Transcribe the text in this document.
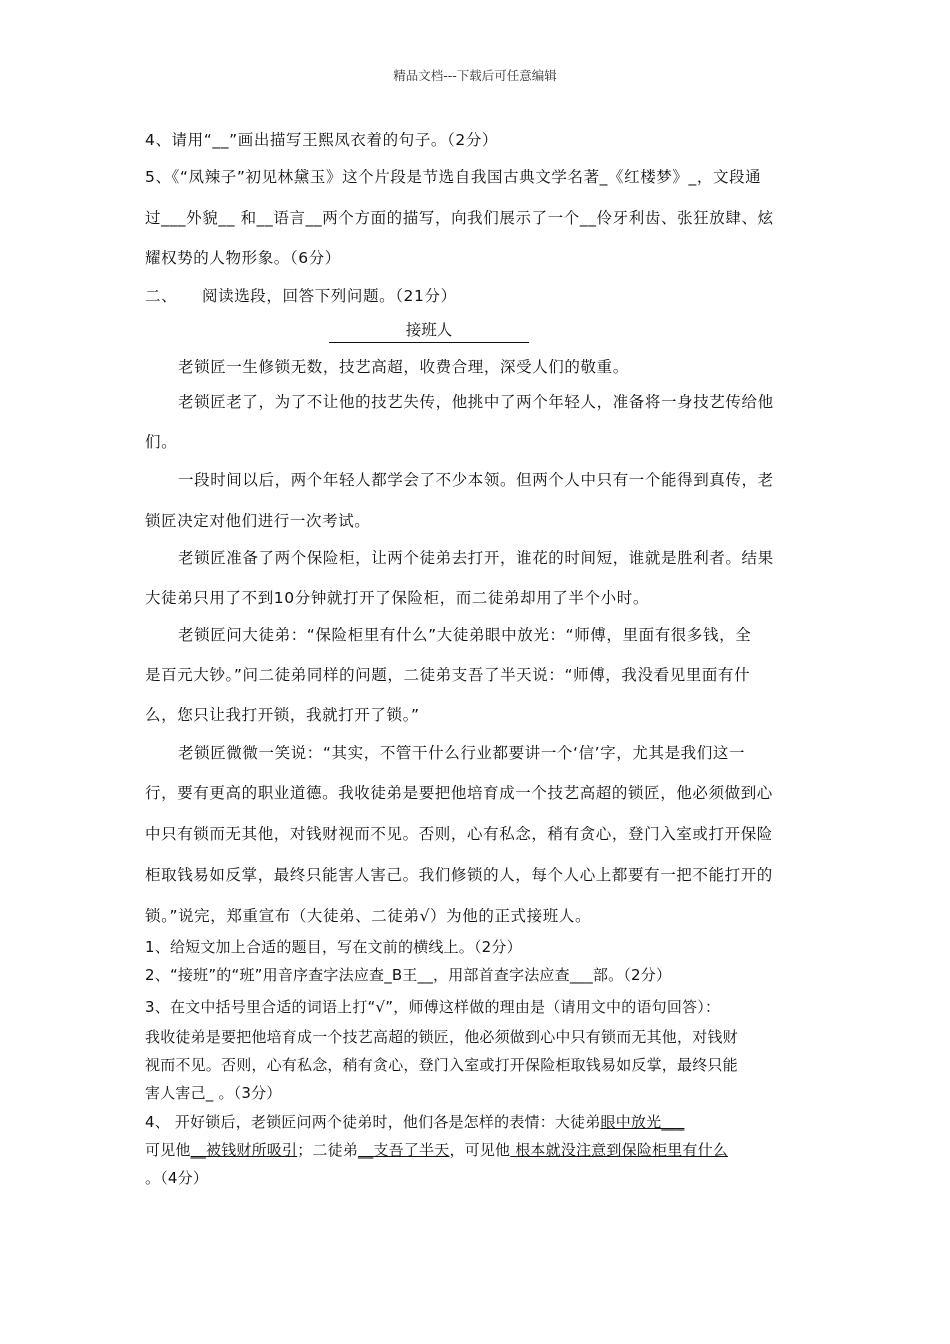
精品文档---下载后可任意编辑
4、请用“__”画出描写王熙凤衣着的句子。（2分）
5、《“凤辣子”初见林黛玉》这个片段是节选自我国古典文学名著_《红楼梦》_，文段通
过___外貌__ 和__语言__两个方面的描写，向我们展示了一个__伶牙利齿、张狂放肆、炫
耀权势的人物形象。（6分）
二、 阅读选段，回答下列问题。（21分）
接班人
老锁匠一生修锁无数，技艺高超，收费合理，深受人们的敬重。
老锁匠老了，为了不让他的技艺失传，他挑中了两个年轻人，准备将一身技艺传给他
们。
一段时间以后，两个年轻人都学会了不少本领。但两个人中只有一个能得到真传，老
锁匠决定对他们进行一次考试。
老锁匠准备了两个保险柜，让两个徒弟去打开，谁花的时间短，谁就是胜利者。结果
大徒弟只用了不到10分钟就打开了保险柜，而二徒弟却用了半个小时。
老锁匠问大徒弟：“保险柜里有什么”大徒弟眼中放光：“师傅，里面有很多钱，全
是百元大钞。”问二徒弟同样的问题，二徒弟支吾了半天说：“师傅，我没看见里面有什
么，您只让我打开锁，我就打开了锁。”
老锁匠微微一笑说：“其实，不管干什么行业都要讲一个‘信’字，尤其是我们这一
行，要有更高的职业道德。我收徒弟是要把他培育成一个技艺高超的锁匠，他必须做到心
中只有锁而无其他，对钱财视而不见。否则，心有私念，稍有贪心，登门入室或打开保险
柜取钱易如反掌，最终只能害人害己。我们修锁的人，每个人心上都要有一把不能打开的
锁。”说完，郑重宣布（大徒弟、二徒弟√）为他的正式接班人。
1、给短文加上合适的题目，写在文前的横线上。（2分）
2、“接班”的“班”用音序查字法应查_B王__，用部首查字法应查___部。（2分）
3、在文中括号里合适的词语上打“√”，师傅这样做的理由是（请用文中的语句回答）：
我收徒弟是要把他培育成一个技艺高超的锁匠，他必须做到心中只有锁而无其他，对钱财
视而不见。否则，心有私念，稍有贪心，登门入室或打开保险柜取钱易如反掌，最终只能
害人害己_ 。（3分）
4、 开好锁后，老锁匠问两个徒弟时，他们各是怎样的表情：大徒弟眼中放光___
可见他__被钱财所吸引；二徒弟__支吾了半天，可见他 根本就没注意到保险柜里有什么
。（4分）
